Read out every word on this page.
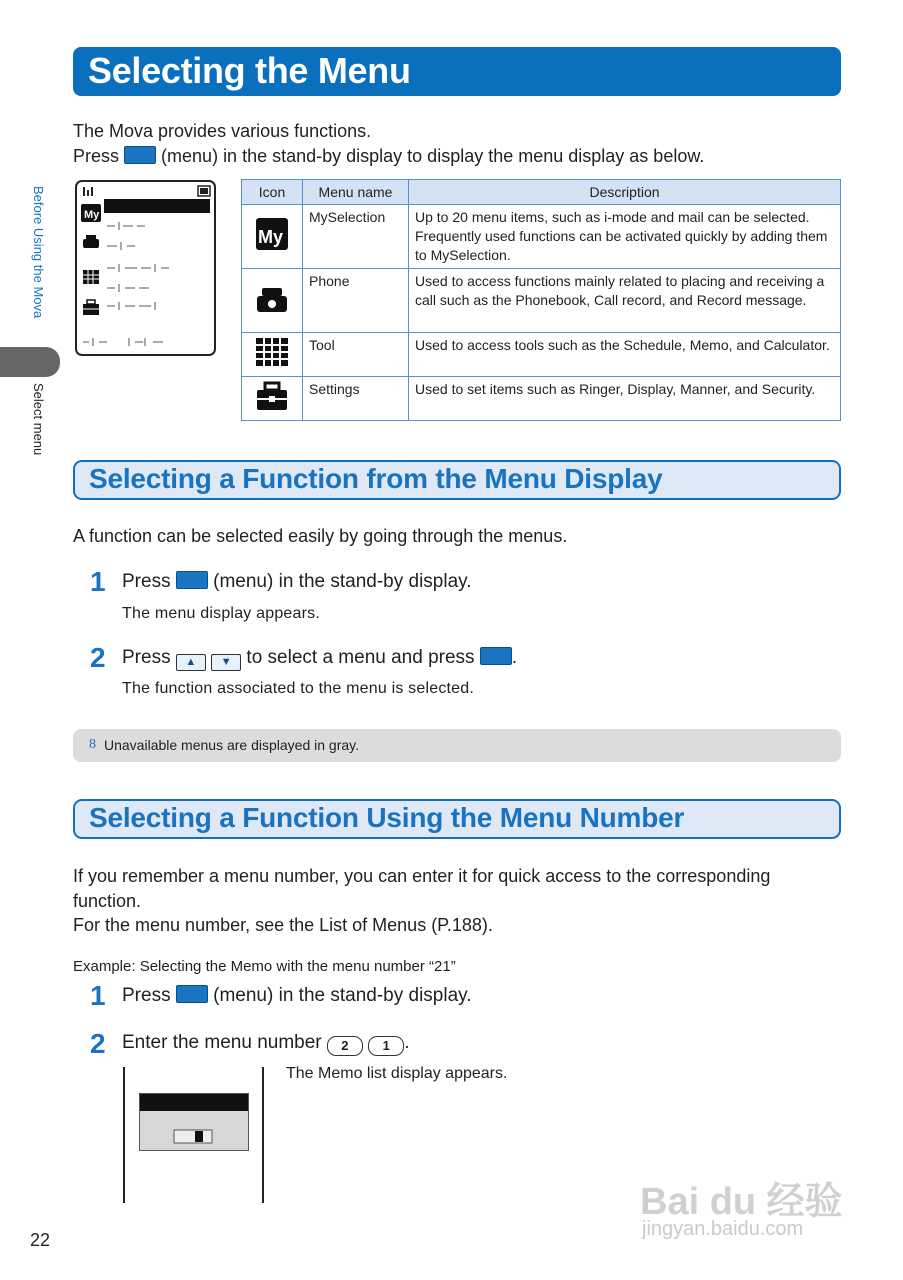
Selecting the Menu
The Mova provides various functions.
Press (menu) in the stand-by display to display the menu display as below.
Before Using the Mova
Select menu
My
Icon	Menu name	Description

My	MySelection	Up to 20 menu items, such as i-mode and mail can be selected. Frequently used functions can be activated quickly by adding them to MySelection.
	Phone	Used to access functions mainly related to placing and receiving a call such as the Phonebook, Call record, and Record message.
	Tool	Used to access tools such as the Schedule, Memo, and Calculator.
	Settings	Used to set items such as Ringer, Display, Manner, and Security.
Selecting a Function from the Menu Display
A function can be selected easily by going through the menus.
1 Press (menu) in the stand-by display.
The menu display appears.
2 Press ▲ ▼ to select a menu and press .
The function associated to the menu is selected.
8 Unavailable menus are displayed in gray.
Selecting a Function Using the Menu Number
If you remember a menu number, you can enter it for quick access to the corresponding
function.
For the menu number, see the List of Menus (P.188).
Example: Selecting the Memo with the menu number “21”
1 Press (menu) in the stand-by display.
2 Enter the menu number 2	1 .
The Memo list display appears.
22
Bai du 经验
jingyan.baidu.com
